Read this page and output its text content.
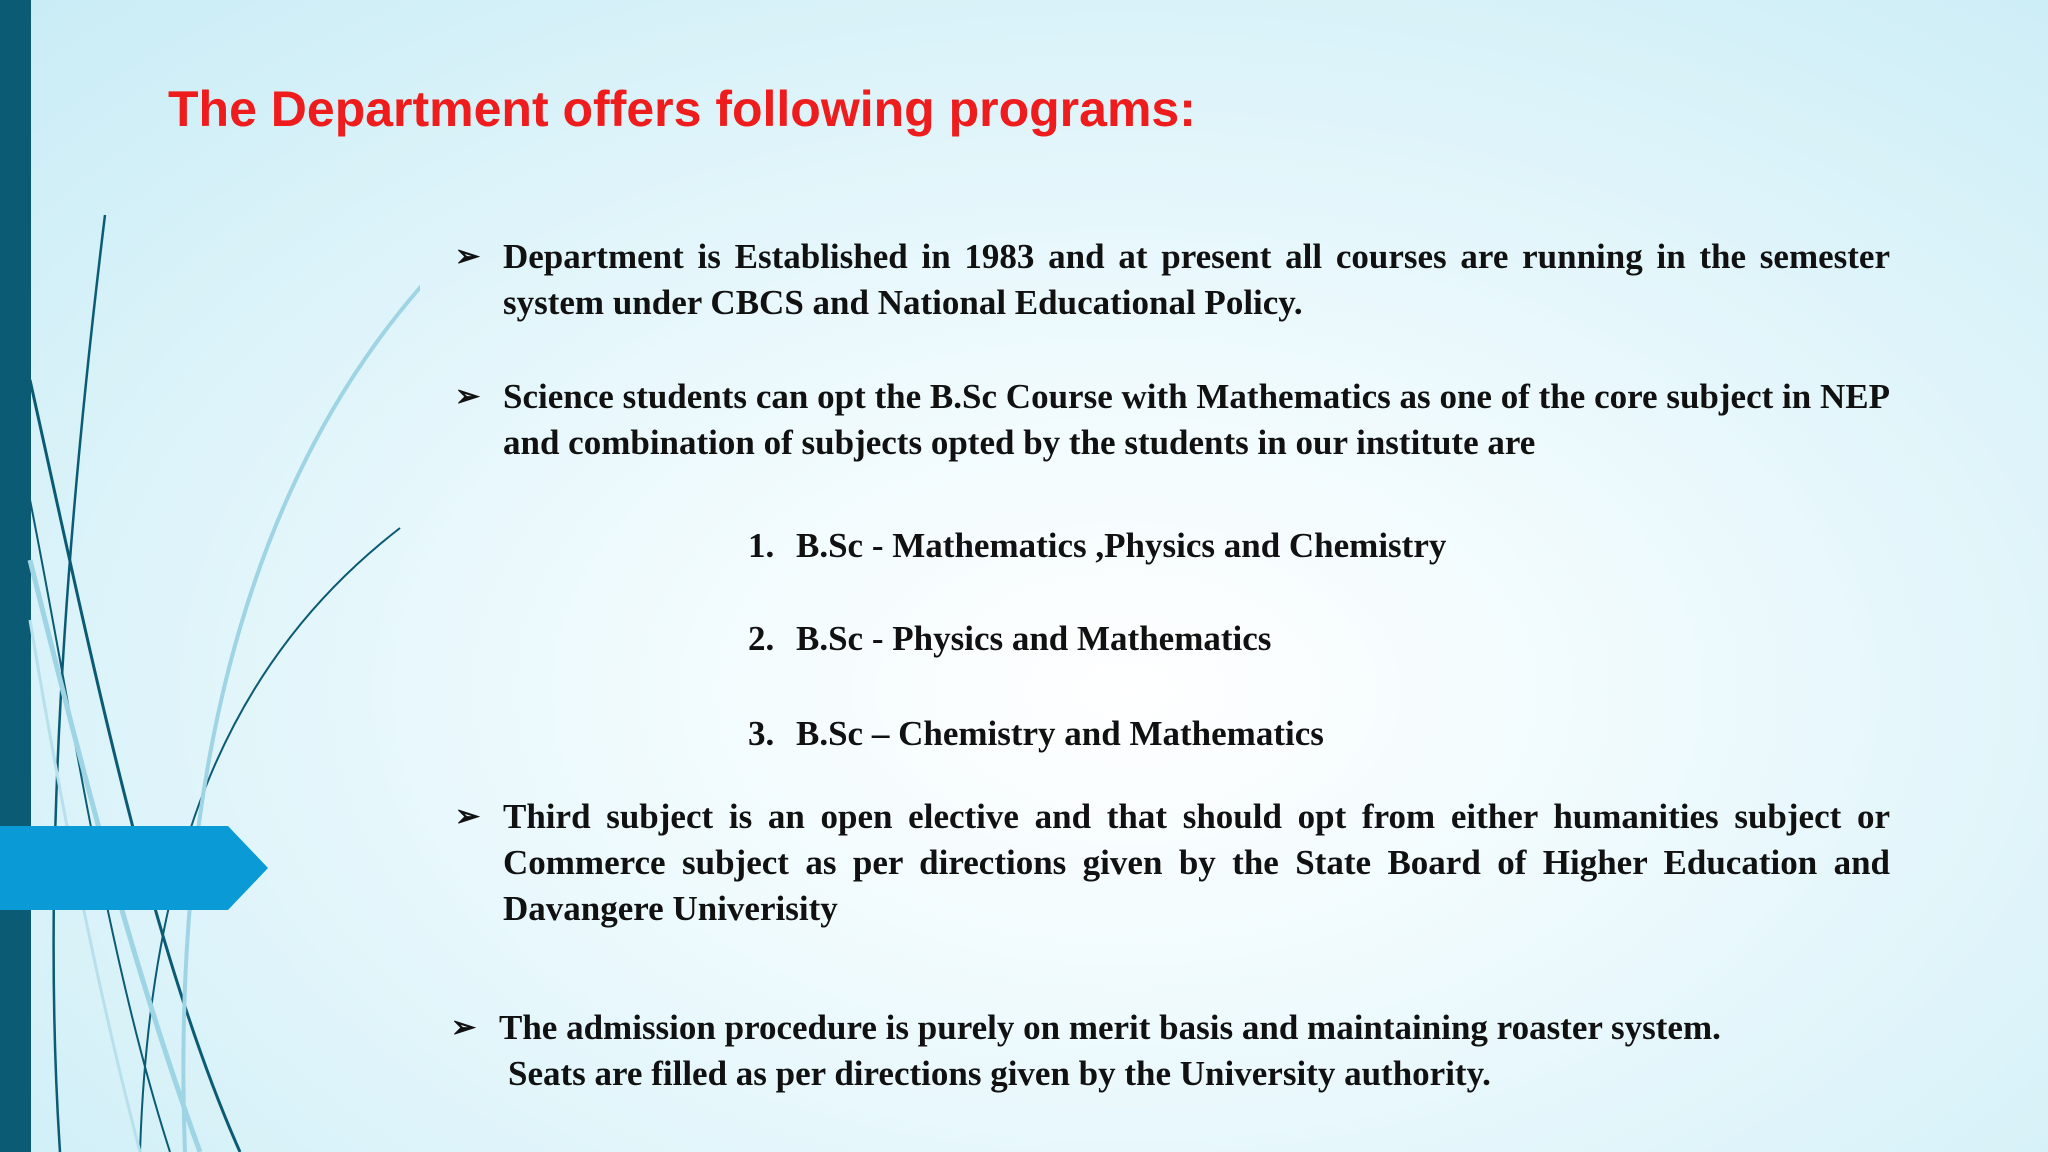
The Department offers following programs:
➢ Department is Established in 1983 and at present all courses are running in the semester system under CBCS and National Educational Policy.
➢ Science students can opt the B.Sc Course with Mathematics as one of the core subject in NEP and combination of subjects opted by the students in our institute are
1. B.Sc - Mathematics ,Physics and Chemistry
2. B.Sc - Physics and Mathematics
3. B.Sc – Chemistry and Mathematics
➢ Third subject is an open elective and that should opt from either humanities subject or Commerce subject as per directions given by the State Board of Higher Education and Davangere Univerisity
➢ The admission procedure is purely on merit basis and maintaining roaster system.
Seats are filled as per directions given by the University authority.
